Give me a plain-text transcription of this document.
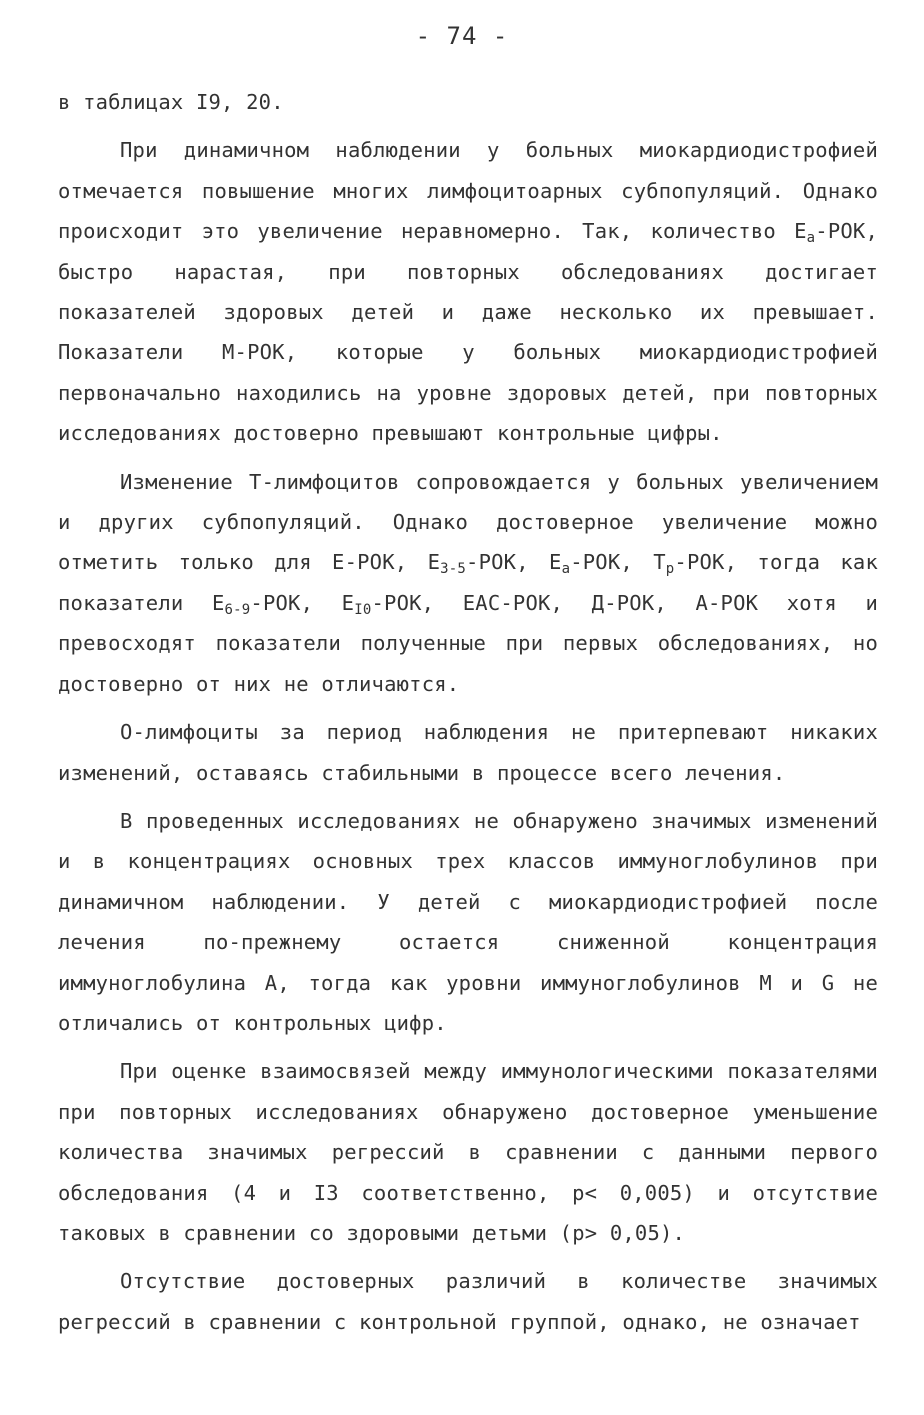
- 74 -

в таблицах I9, 20.

При динамичном наблюдении у больных миокардиодистрофией отмечается повышение многих лимфоцитоарных субпопуляций. Однако происходит это увеличение неравномерно. Так, количество $Е_а$-РОК, быстро нарастая, при повторных обследованиях достигает показателей здоровых детей и даже несколько их превышает. Показатели М-РОК, которые у больных миокардиодистрофией первоначально находились на уровне здоровых детей, при повторных исследованиях достоверно превышают контрольные цифры.

Изменение Т-лимфоцитов сопровождается у больных увеличением и других субпопуляций. Однако достоверное увеличение можно отметить только для Е-РОК, $Е_{3-5}$-РОК, $Е_а$-РОК, $Т_р$-РОК, тогда как показатели $Е_{6-9}$-РОК, $Е_{I0}$-РОК, ЕАС-РОК, Д-РОК, А-РОК хотя и превосходят показатели полученные при первых обследованиях, но достоверно от них не отличаются.

О-лимфоциты за период наблюдения не притерпевают никаких изменений, оставаясь стабильными в процессе всего лечения.

В проведенных исследованиях не обнаружено значимых изменений и в концентрациях основных трех классов иммуноглобулинов при динамичном наблюдении. У детей с миокардиодистрофией после лечения по-прежнему остается сниженной концентрация иммуноглобулина А, тогда как уровни иммуноглобулинов М и G не отличались от контрольных цифр.

При оценке взаимосвязей между иммунологическими показателями при повторных исследованиях обнаружено достоверное уменьшение количества значимых регрессий в сравнении с данными первого обследования (4 и I3 соответственно, р< 0,005) и отсутствие таковых в сравнении со здоровыми детьми (р> 0,05).

Отсутствие достоверных различий в количестве значимых регрессий в сравнении с контрольной группой, однако, не означает
